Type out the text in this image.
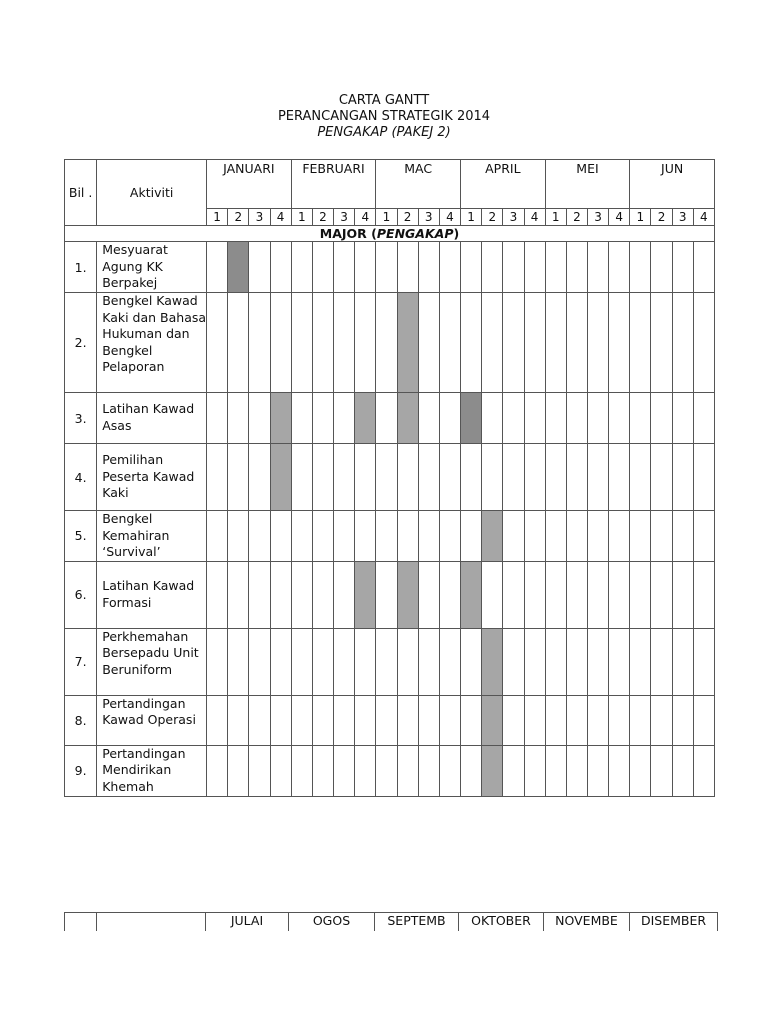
CARTA GANTT
PERANCANGAN STRATEGIK 2014
PENGAKAP (PAKEJ 2)
Bil .	Aktiviti	JANUARI				FEBRUARI				MAC				APRIL				MEI				JUN			
		1	2	3	4	1	2	3	4	1	2	3	4	1	2	3	4	1	2	3	4	1	2	3	4
MAJOR (PENGAKAP)																									
1.	Mesyuarat Agung KK Berpakej																								
2.	Bengkel Kawad Kaki dan Bahasa Hukuman dan Bengkel Pelaporan																								
3.	Latihan Kawad Asas																								
4.	Pemilihan Peserta Kawad Kaki																								
5.	Bengkel Kemahiran ‘Survival’																								
6.	Latihan Kawad Formasi																								
7.	Perkhemahan Bersepadu Unit Beruniform																								
8.	Pertandingan Kawad Operasi																								
9.	Pertandingan Mendirikan Khemah																								
		JULAI	OGOS	SEPTEMB	OKTOBER	NOVEMBE	DISEMBER
